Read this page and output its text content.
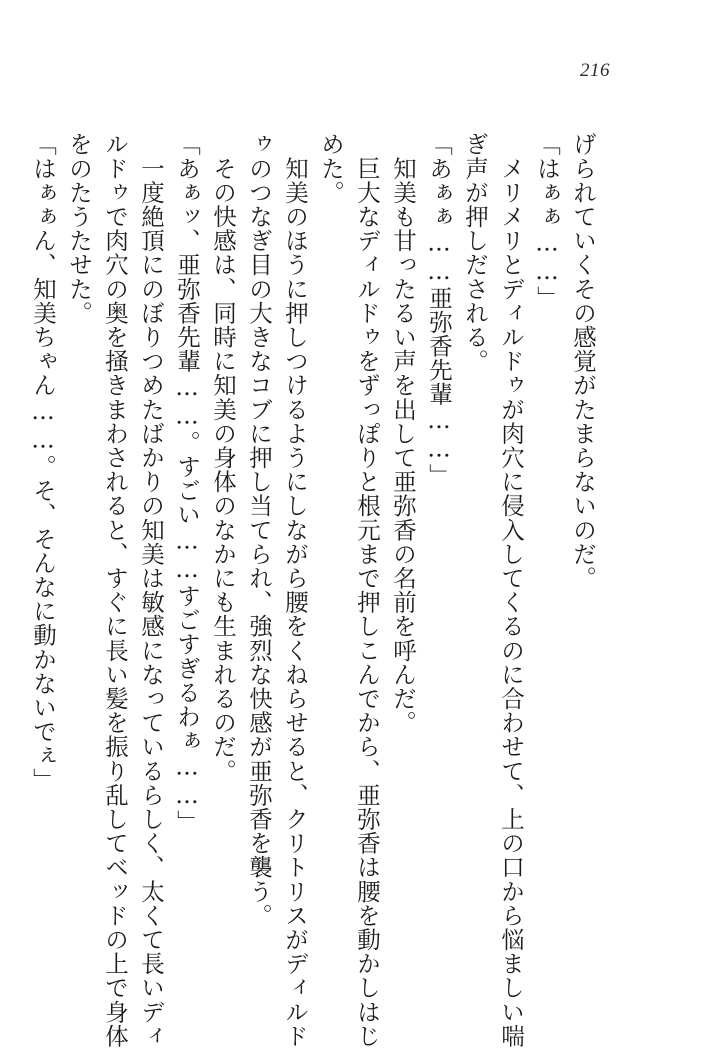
216
げられていくその感覚がたまらないのだ。
「はぁぁ……」
　メリメリとディルドゥが肉穴に侵入してくるのに合わせて、上の口から悩ましい喘
ぎ声が押しだされる。
「あぁぁ……亜弥香先輩……」
　知美も甘ったるい声を出して亜弥香の名前を呼んだ。
　巨大なディルドゥをずっぽりと根元まで押しこんでから、亜弥香は腰を動かしはじ
めた。
　知美のほうに押しつけるようにしながら腰をくねらせると、クリトリスがディルド
ゥのつなぎ目の大きなコブに押し当てられ、強烈な快感が亜弥香を襲う。
　その快感は、同時に知美の身体のなかにも生まれるのだ。
「あぁッ、亜弥香先輩……。すごい……すごすぎるわぁ……」
　一度絶頂にのぼりつめたばかりの知美は敏感になっているらしく、太くて長いディ
ルドゥで肉穴の奥を掻きまわされると、すぐに長い髪を振り乱してベッドの上で身体
をのたうたせた。
「はぁぁん、知美ちゃん……。そ、そんなに動かないでぇ」
